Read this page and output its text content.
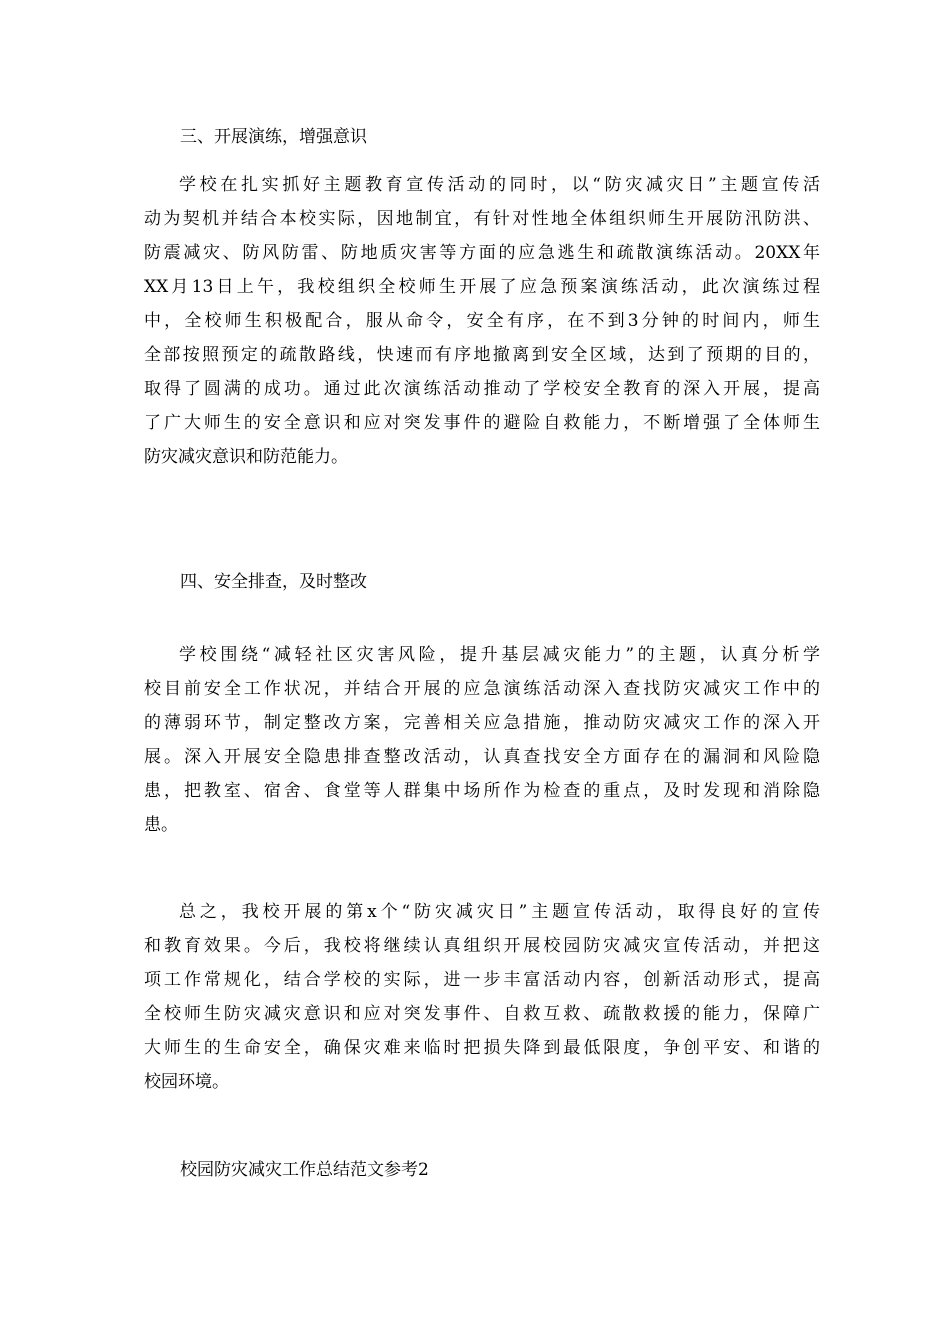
三、开展演练，增强意识

学校在扎实抓好主题教育宣传活动的同时，以“防灾减灾日”主题宣传活
动为契机并结合本校实际，因地制宜，有针对性地全体组织师生开展防汛防洪、
防震减灾、防风防雷、防地质灾害等方面的应急逃生和疏散演练活动。20XX年
XX月13日上午，我校组织全校师生开展了应急预案演练活动，此次演练过程
中，全校师生积极配合，服从命令，安全有序，在不到3分钟的时间内，师生
全部按照预定的疏散路线，快速而有序地撤离到安全区域，达到了预期的目的，
取得了圆满的成功。通过此次演练活动推动了学校安全教育的深入开展，提高
了广大师生的安全意识和应对突发事件的避险自救能力，不断增强了全体师生
防灾减灾意识和防范能力。

四、安全排查，及时整改

学校围绕“减轻社区灾害风险，提升基层减灾能力”的主题，认真分析学
校目前安全工作状况，并结合开展的应急演练活动深入查找防灾减灾工作中的
的薄弱环节，制定整改方案，完善相关应急措施，推动防灾减灾工作的深入开
展。深入开展安全隐患排查整改活动，认真查找安全方面存在的漏洞和风险隐
患，把教室、宿舍、食堂等人群集中场所作为检查的重点，及时发现和消除隐
患。

总之，我校开展的第x个“防灾减灾日”主题宣传活动，取得良好的宣传
和教育效果。今后，我校将继续认真组织开展校园防灾减灾宣传活动，并把这
项工作常规化，结合学校的实际，进一步丰富活动内容，创新活动形式，提高
全校师生防灾减灾意识和应对突发事件、自救互救、疏散救援的能力，保障广
大师生的生命安全，确保灾难来临时把损失降到最低限度，争创平安、和谐的
校园环境。

校园防灾减灾工作总结范文参考2
